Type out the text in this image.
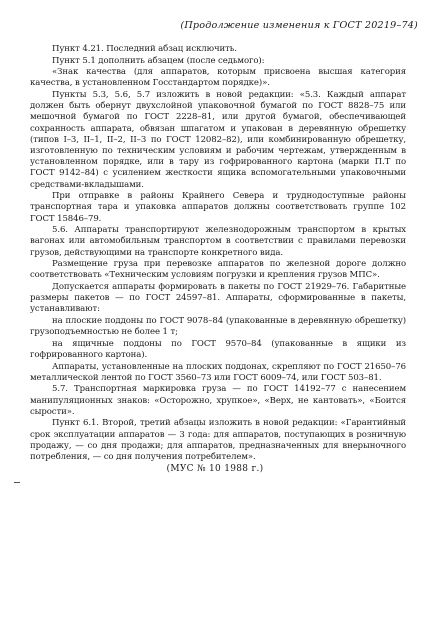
(Продолжение изменения к ГОСТ 20219–74)

Пункт 4.21. Последний абзац исключить.

Пункт 5.1 дополнить абзацем (после седьмого):

«Знак качества (для аппаратов, которым присвоена высшая категория качества, в установленном Госстандартом порядке)».

Пункты 5.3, 5.6, 5.7 изложить в новой редакции: «5.3. Каждый аппарат должен быть обернут двухслойной упаковочной бумагой по ГОСТ 8828–75 или мешочной бумагой по ГОСТ 2228–81, или другой бумагой, обеспечивающей сохранность аппарата, обвязан шпагатом и упакован в деревянную обрешетку (типов I–3, II–1, II–2, II–3 по ГОСТ 12082–82), или комбинированную обрешетку, изготовленную по техническим условиям и рабочим чертежам, утвержденным в установленном порядке, или в тару из гофрированного картона (марки П.Т по ГОСТ 9142–84) с усилением жесткости ящика вспомогательными упаковочными средствами-вкладышами.

При отправке в районы Крайнего Севера и труднодоступные районы транспортная тара и упаковка аппаратов должны соответствовать группе 102 ГОСТ 15846–79.

5.6. Аппараты транспортируют железнодорожным транспортом в крытых вагонах или автомобильным транспортом в соответствии с правилами перевозки грузов, действующими на транспорте конкретного вида.

Размещение груза при перевозке аппаратов по железной дороге должно соответствовать «Техническим условиям погрузки и крепления грузов МПС».

Допускается аппараты формировать в пакеты по ГОСТ 21929–76. Габаритные размеры пакетов — по ГОСТ 24597–81. Аппараты, сформированные в пакеты, устанавливают:

на плоские поддоны по ГОСТ 9078–84 (упакованные в деревянную обрешетку) грузоподъемностью не более 1 т;

на ящичные поддоны по ГОСТ 9570–84 (упакованные в ящики из гофрированного картона).

Аппараты, установленные на плоских поддонах, скрепляют по ГОСТ 21650–76 металлической лентой по ГОСТ 3560–73 или ГОСТ 6009–74, или ГОСТ 503–81.

5.7. Транспортная маркировка груза — по ГОСТ 14192–77 с нанесением манипуляционных знаков: «Осторожно, хрупкое», «Верх, не кантовать», «Боится сырости».

Пункт 6.1. Второй, третий абзацы изложить в новой редакции: «Гарантийный срок эксплуатации аппаратов — 3 года: для аппаратов, поступающих в розничную продажу, — со дня продажи; для аппаратов, предназначенных для внерыночного потребления, — со дня получения потребителем».

(МУС № 10 1988 г.)
